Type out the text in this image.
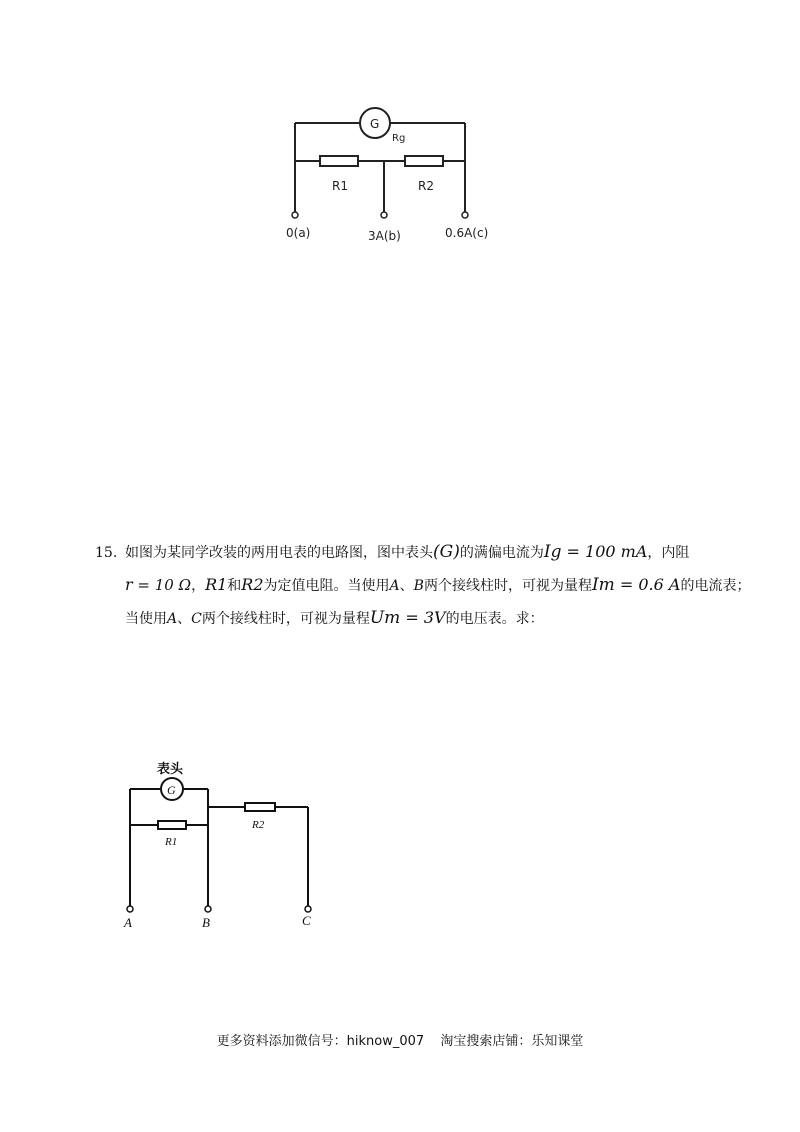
G
Rg
R1	R2
0(a)	3A(b)	0.6A(c)
15. 如图为某同学改装的两用电表的电路图，图中表头(G)的满偏电流为Ig = 100 mA，内阻
r = 10 Ω，R1和R2为定值电阻。当使用A、B两个接线柱时，可视为量程Im = 0.6 A的电流表；
当使用A、C两个接线柱时，可视为量程Um = 3V的电压表。求：
表头
G
R1
R2
A	B	C
更多资料添加微信号：hiknow_007 淘宝搜索店铺：乐知课堂
